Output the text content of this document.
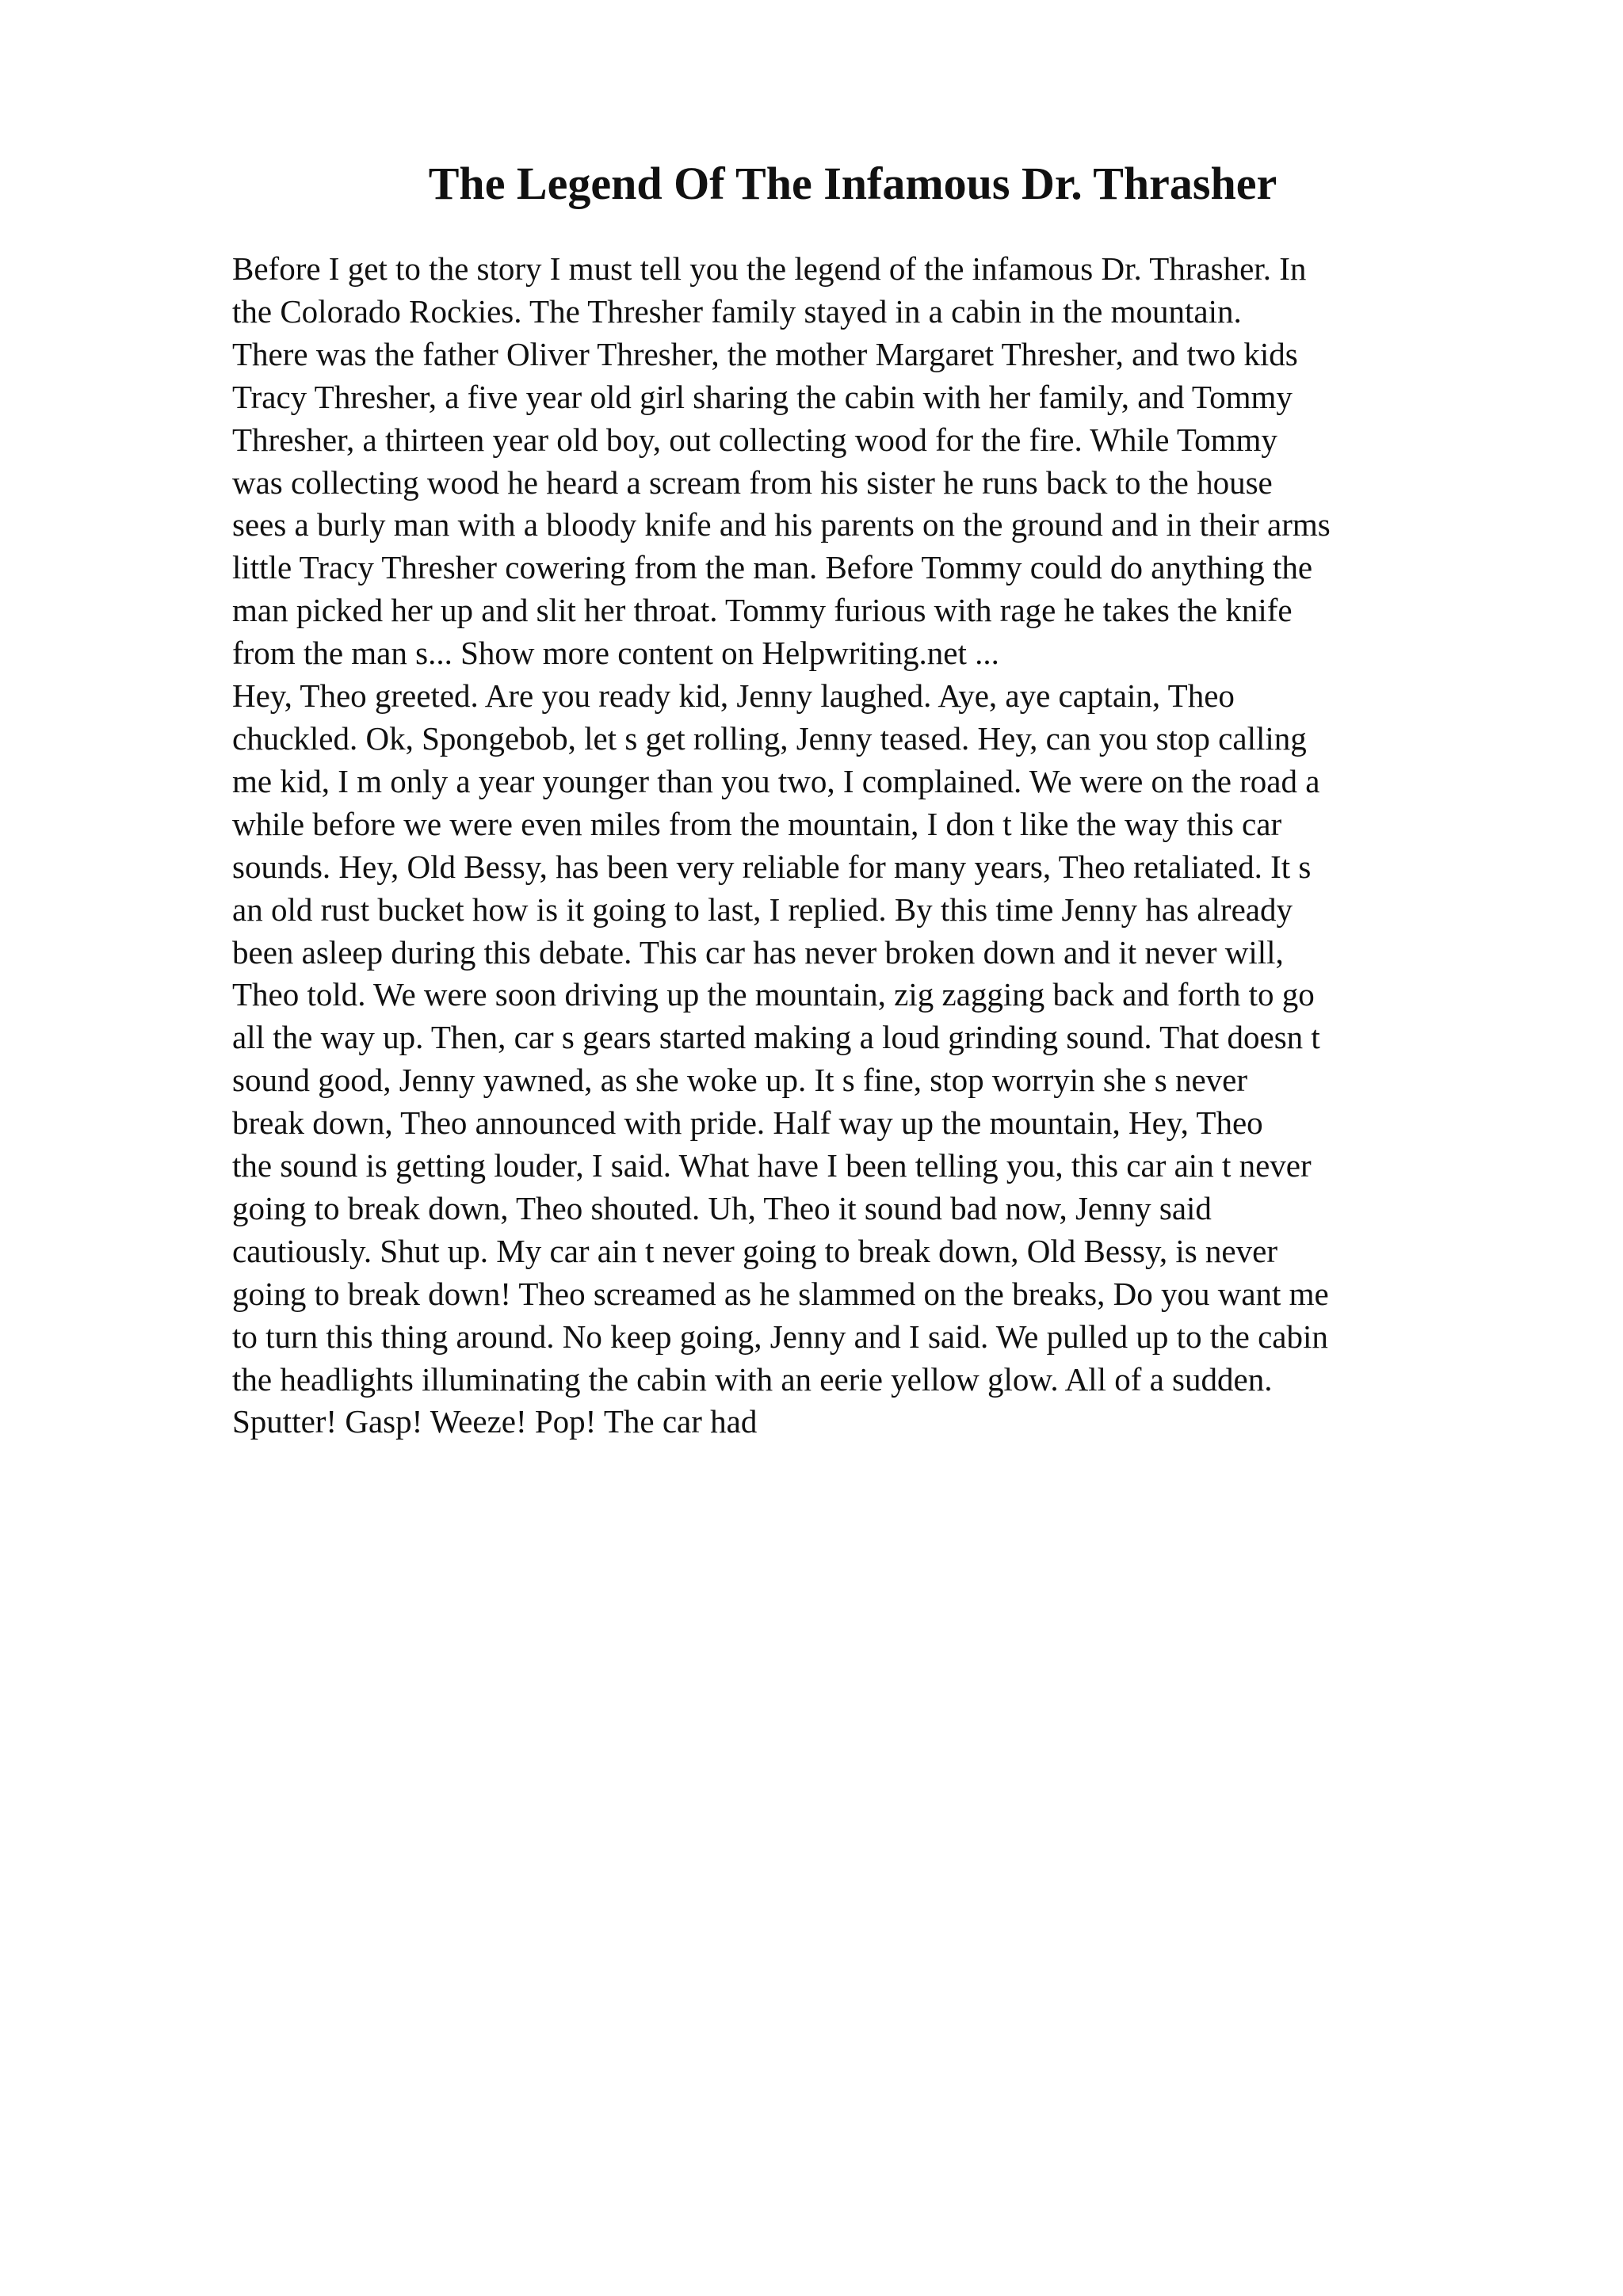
The Legend Of The Infamous Dr. Thrasher
Before I get to the story I must tell you the legend of the infamous Dr. Thrasher. In
the Colorado Rockies. The Thresher family stayed in a cabin in the mountain.
There was the father Oliver Thresher, the mother Margaret Thresher, and two kids
Tracy Thresher, a five year old girl sharing the cabin with her family, and Tommy
Thresher, a thirteen year old boy, out collecting wood for the fire. While Tommy
was collecting wood he heard a scream from his sister he runs back to the house
sees a burly man with a bloody knife and his parents on the ground and in their arms
little Tracy Thresher cowering from the man. Before Tommy could do anything the
man picked her up and slit her throat. Tommy furious with rage he takes the knife
from the man s... Show more content on Helpwriting.net ...
Hey, Theo greeted. Are you ready kid, Jenny laughed. Aye, aye captain, Theo
chuckled. Ok, Spongebob, let s get rolling, Jenny teased. Hey, can you stop calling
me kid, I m only a year younger than you two, I complained. We were on the road a
while before we were even miles from the mountain, I don t like the way this car
sounds. Hey, Old Bessy, has been very reliable for many years, Theo retaliated. It s
an old rust bucket how is it going to last, I replied. By this time Jenny has already
been asleep during this debate. This car has never broken down and it never will,
Theo told. We were soon driving up the mountain, zig zagging back and forth to go
all the way up. Then, car s gears started making a loud grinding sound. That doesn t
sound good, Jenny yawned, as she woke up. It s fine, stop worryin she s never
break down, Theo announced with pride. Half way up the mountain, Hey, Theo
the sound is getting louder, I said. What have I been telling you, this car ain t never
going to break down, Theo shouted. Uh, Theo it sound bad now, Jenny said
cautiously. Shut up. My car ain t never going to break down, Old Bessy, is never
going to break down! Theo screamed as he slammed on the breaks, Do you want me
to turn this thing around. No keep going, Jenny and I said. We pulled up to the cabin
the headlights illuminating the cabin with an eerie yellow glow. All of a sudden.
Sputter! Gasp! Weeze! Pop! The car had
